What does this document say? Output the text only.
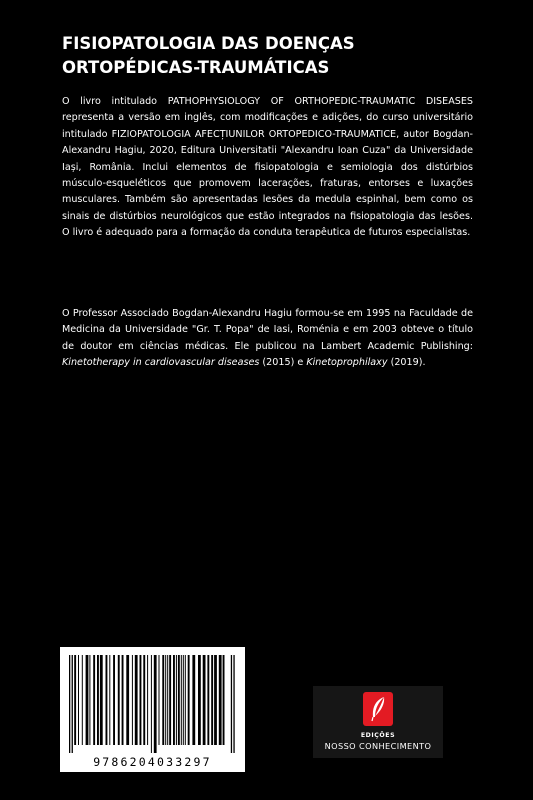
FISIOPATOLOGIA DAS DOENÇAS
ORTOPÉDICAS-TRAUMÁTICAS

O livro intitulado PATHOPHYSIOLOGY OF ORTHOPEDIC-TRAUMATIC DISEASES representa a versão em inglês, com modificações e adições, do curso universitário intitulado FIZIOPATOLOGIA AFECȚIUNILOR ORTOPEDICO-TRAUMATICE, autor Bogdan-Alexandru Hagiu, 2020, Editura Universitatii "Alexandru Ioan Cuza" da Universidade Iași, România. Inclui elementos de fisiopatologia e semiologia dos distúrbios músculo-esqueléticos que promovem lacerações, fraturas, entorses e luxações musculares. Também são apresentadas lesões da medula espinhal, bem como os sinais de distúrbios neurológicos que estão integrados na fisiopatologia das lesões. O livro é adequado para a formação da conduta terapêutica de futuros especialistas.

O Professor Associado Bogdan-Alexandru Hagiu formou-se em 1995 na Faculdade de Medicina da Universidade "Gr. T. Popa" de Iasi, Roménia e em 2003 obteve o título de doutor em ciências médicas. Ele publicou na Lambert Academic Publishing: Kinetotherapy in cardiovascular diseases (2015) e Kinetoprophilaxy (2019).

9786204033297
EDIÇÕES
NOSSO CONHECIMENTO
